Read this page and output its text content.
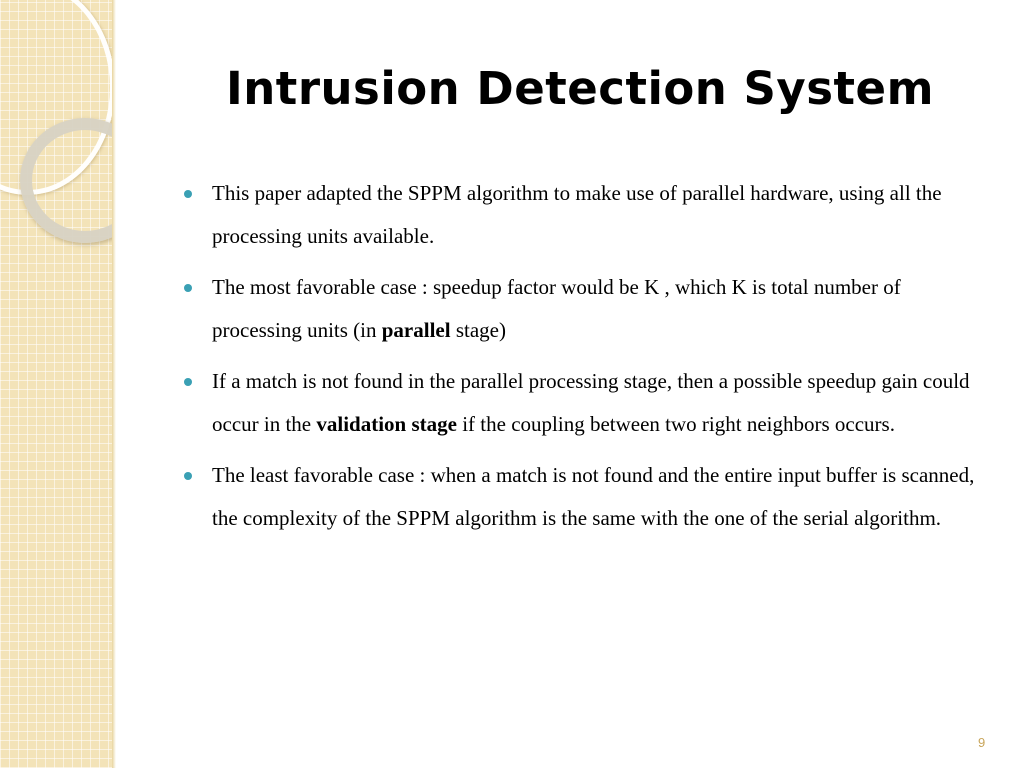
Intrusion Detection System
This paper adapted the SPPM algorithm to make use of parallel hardware, using all the processing units available.
The most favorable case : speedup factor would be K , which K is total number of processing units (in parallel stage)
If a match is not found in the parallel processing stage, then a possible speedup gain could occur in the validation stage if the coupling between two right neighbors occurs.
The least favorable case : when a match is not found and the entire input buffer is scanned, the complexity of the SPPM algorithm is the same with the one of the serial algorithm.
9
